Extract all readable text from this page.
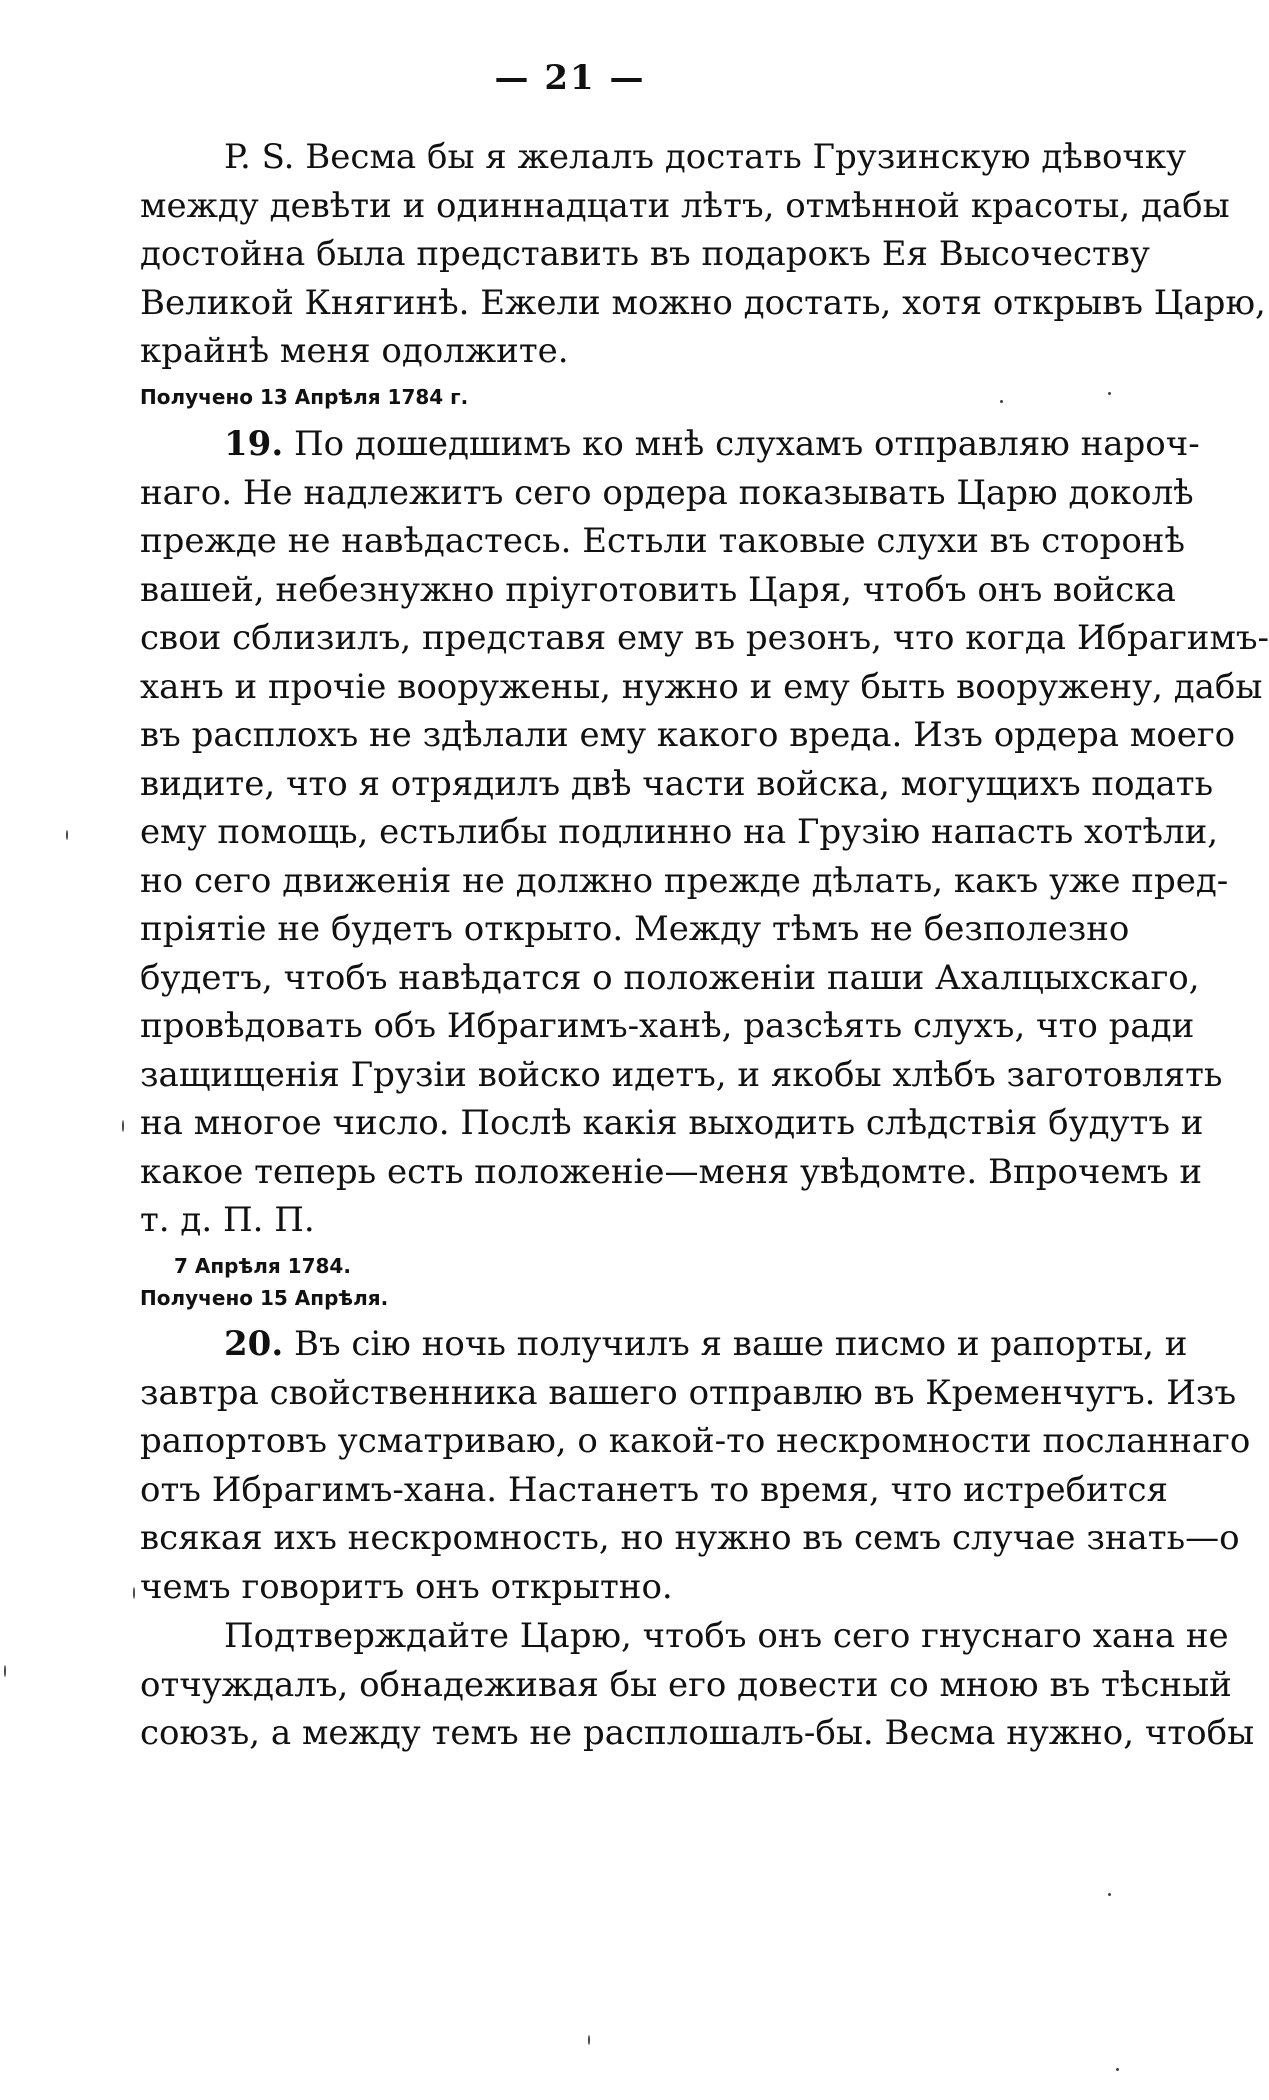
— 21 —
P. S. Весма бы я желалъ достать Грузинскую дѣвочку
между девѣти и одиннадцати лѣтъ, отмѣнной красоты, дабы
достойна была представить въ подарокъ Ея Высочеству
Великой Княгинѣ. Ежели можно достать, хотя открывъ Царю,
крайнѣ меня одолжите.
Получено 13 Апрѣля 1784 г.
19. По дошедшимъ ко мнѣ слухамъ отправляю нароч-
наго. Не надлежитъ сего ордера показывать Царю доколѣ
прежде не навѣдастесь. Естьли таковые слухи въ сторонѣ
вашей, небезнужно пріуготовить Царя, чтобъ онъ войска
свои сблизилъ, представя ему въ резонъ, что когда Ибрагимъ-
ханъ и прочіе вооружены, нужно и ему быть вооружену, дабы
въ расплохъ не здѣлали ему какого вреда. Изъ ордера моего
видите, что я отрядилъ двѣ части войска, могущихъ подать
ему помощь, естьлибы подлинно на Грузію напасть хотѣли,
но сего движенія не должно прежде дѣлать, какъ уже пред-
пріятіе не будетъ открыто. Между тѣмъ не безполезно
будетъ, чтобъ навѣдатся о положеніи паши Ахалцыхскаго,
провѣдовать объ Ибрагимъ-ханѣ, разсѣять слухъ, что ради
защищенія Грузіи войско идетъ, и якобы хлѣбъ заготовлять
на многое число. Послѣ какія выходить слѣдствія будутъ и
какое теперь есть положеніе—меня увѣдомте. Впрочемъ и
т. д. П. П.
7 Апрѣля 1784.
Получено 15 Апрѣля.
20. Въ сію ночь получилъ я ваше писмо и рапорты, и
завтра свойственника вашего отправлю въ Кременчугъ. Изъ
рапортовъ усматриваю, о какой-то нескромности посланнаго
отъ Ибрагимъ-хана. Настанетъ то время, что истребится
всякая ихъ нескромность, но нужно въ семъ случае знать—о
чемъ говоритъ онъ открытно.
Подтверждайте Царю, чтобъ онъ сего гнуснаго хана не
отчуждалъ, обнадеживая бы его довести со мною въ тѣсный
союзъ, а между темъ не расплошалъ-бы. Весма нужно, чтобы
